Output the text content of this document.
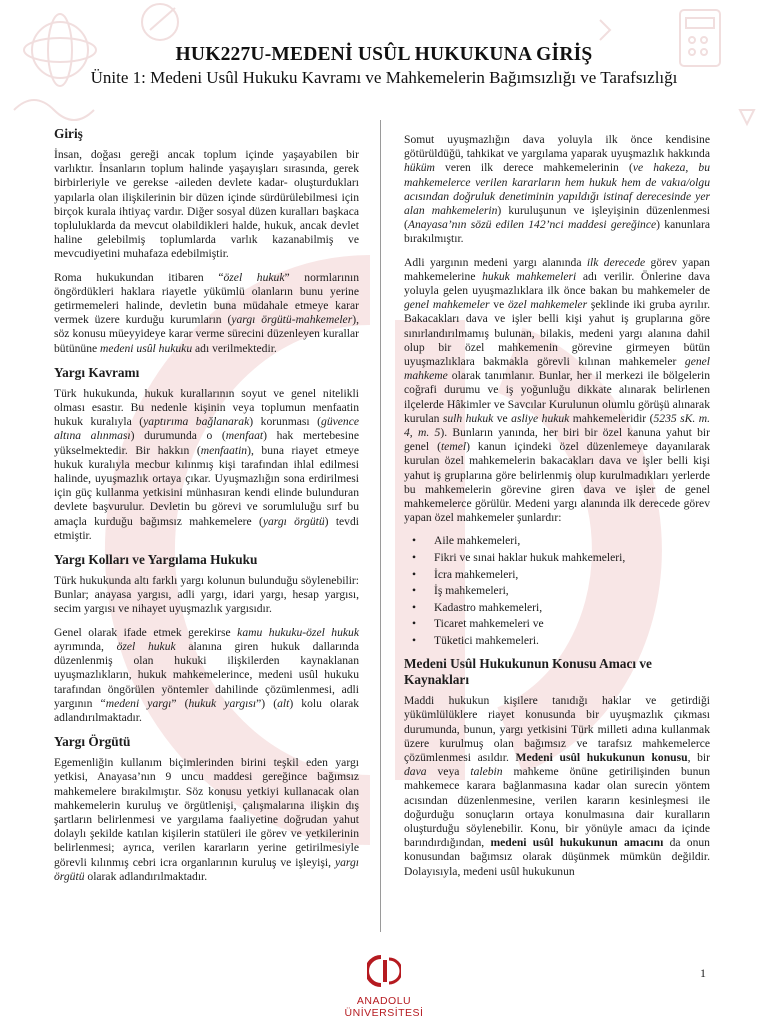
HUK227U-MEDENİ USÛL HUKUKUNA GİRİŞ
Ünite 1: Medeni Usûl Hukuku Kavramı ve Mahkemelerin Bağımsızlığı ve Tarafsızlığı
Giriş

İnsan, doğası gereği ancak toplum içinde yaşayabilen bir varlıktır. İnsanların toplum halinde yaşayışları sırasında, gerek birbirleriyle ve gerekse -aileden devlete kadar- oluşturdukları yapılarla olan ilişkilerinin bir düzen içinde sürdürülebilmesi için birçok kurala ihtiyaç vardır. Diğer sosyal düzen kuralları başkaca topluluklarda da mevcut olabildikleri halde, hukuk, ancak devlet haline gelebilmiş toplumlarda varlık kazanabilmiş ve mevcudiyetini muhafaza edebilmiştir.

Roma hukukundan itibaren “özel hukuk” normlarının öngördükleri haklara riayetle yükümlü olanların bunu yerine getirmemeleri halinde, devletin buna müdahale etmeye karar vermek üzere kurduğu kurumların (yargı örgütü-mahkemeler), söz konusu müeyyideye karar verme sürecini düzenleyen kurallar bütününe medeni usûl hukuku adı verilmektedir.

Yargı Kavramı

Türk hukukunda, hukuk kurallarının soyut ve genel nitelikli olması esastır. Bu nedenle kişinin veya toplumun menfaatin hukuk kuralıyla (yaptırıma bağlanarak) korunması (güvence altına alınması) durumunda o (menfaat) hak mertebesine yükselmektedir. Bir hakkın (menfaatin), buna riayet etmeye hukuk kuralıyla mecbur kılınmış kişi tarafından ihlal edilmesi halinde, uyuşmazlık ortaya çıkar. Uyuşmazlığın sona erdirilmesi için güç kullanma yetkisini münhasıran kendi elinde bulunduran devlete başvurulur. Devletin bu görevi ve sorumluluğu sırf bu amaçla kurduğu bağımsız mahkemelere (yargı örgütü) tevdi etmiştir.

Yargı Kolları ve Yargılama Hukuku

Türk hukukunda altı farklı yargı kolunun bulunduğu söylenebilir: Bunlar; anayasa yargısı, adli yargı, idari yargı, hesap yargısı, secim yargısı ve nihayet uyuşmazlık yargısıdır.

Genel olarak ifade etmek gerekirse kamu hukuku-özel hukuk ayrımında, özel hukuk alanına giren hukuk dallarında düzenlenmiş olan hukuki ilişkilerden kaynaklanan uyuşmazlıkların, hukuk mahkemelerince, medeni usûl hukuku tarafından öngörülen yöntemler dahilinde çözümlenmesi, adli yargının “medeni yargı” (hukuk yargısı”) (alt) kolu olarak adlandırılmaktadır.

Yargı Örgütü

Egemenliğin kullanım biçimlerinden birini teşkil eden yargı yetkisi, Anayasa’nın 9 uncu maddesi gereğince bağımsız mahkemelere bırakılmıştır. Söz konusu yetkiyi kullanacak olan mahkemelerin kuruluş ve örgütlenişi, çalışmalarına ilişkin dış şartların belirlenmesi ve yargılama faaliyetine doğrudan yahut dolaylı şekilde katılan kişilerin statüleri ile görev ve yetkilerinin belirlenmesi; ayrıca, verilen kararların yerine getirilmesiyle görevli kılınmış cebri icra organlarının kuruluş ve işleyişi, yargı örgütü olarak adlandırılmaktadır.

Somut uyuşmazlığın dava yoluyla ilk önce kendisine götürüldüğü, tahkikat ve yargılama yaparak uyuşmazlık hakkında hüküm veren ilk derece mahkemelerinin (ve hakeza, bu mahkemelerce verilen kararların hem hukuk hem de vakıa/olgu acısından doğruluk denetiminin yapıldığı istinaf derecesinde yer alan mahkemelerin) kuruluşunun ve işleyişinin düzenlenmesi (Anayasa’nın sözü edilen 142’nci maddesi gereğince) kanunlara bırakılmıştır.

Adli yargının medeni yargı alanında ilk derecede görev yapan mahkemelerine hukuk mahkemeleri adı verilir. Önlerine dava yoluyla gelen uyuşmazlıklara ilk önce bakan bu mahkemeler de genel mahkemeler ve özel mahkemeler şeklinde iki gruba ayrılır. Bakacakları dava ve işler belli kişi yahut iş gruplarına göre sınırlandırılmamış bulunan, bilakis, medeni yargı alanına dahil olup bir özel mahkemenin görevine girmeyen bütün uyuşmazlıklara bakmakla görevli kılınan mahkemeler genel mahkeme olarak tanımlanır. Bunlar, her il merkezi ile bölgelerin coğrafi durumu ve iş yoğunluğu dikkate alınarak belirlenen ilçelerde Hâkimler ve Savcılar Kurulunun olumlu görüşü alınarak kurulan sulh hukuk ve asliye hukuk mahkemeleridir (5235 sK. m. 4, m. 5). Bunların yanında, her biri bir özel kanuna yahut bir genel (temel) kanun içindeki özel düzenlemeye dayanılarak kurulan özel mahkemelerin bakacakları dava ve işler belli kişi yahut iş gruplarına göre belirlenmiş olup kurulmadıkları yerlerde bu mahkemelerin görevine giren dava ve işler de genel mahkemelerce görülür. Medeni yargı alanında ilk derecede görev yapan özel mahkemeler şunlardır:

• Aile mahkemeleri,
• Fikri ve sınai haklar hukuk mahkemeleri,
• İcra mahkemeleri,
• İş mahkemeleri,
• Kadastro mahkemeleri,
• Ticaret mahkemeleri ve
• Tüketici mahkemeleri.
Medeni Usûl Hukukunun Konusu Amacı ve Kaynakları

Maddi hukukun kişilere tanıdığı haklar ve getirdiği yükümlülüklere riayet konusunda bir uyuşmazlık çıkması durumunda, bunun, yargı yetkisini Türk milleti adına kullanmak üzere kurulmuş olan bağımsız ve tarafsız mahkemelerce çözümlenmesi asıldır. Medeni usûl hukukunun konusu, bir dava veya talebin mahkeme önüne getirilişinden bunun mahkemece karara bağlanmasına kadar olan surecin yöntem acısından düzenlenmesine, verilen kararın kesinleşmesi ile doğurduğu sonuçların ortaya konulmasına dair kuralların oluşturduğu söylenebilir. Konu, bir yönüyle amacı da içinde barındırdığından, medeni usûl hukukunun amacını da onun konusundan bağımsız olarak düşünmek mümkün değildir. Dolayısıyla, medeni usûl hukukunun

ANADOLU ÜNİVERSİTESİ
1
